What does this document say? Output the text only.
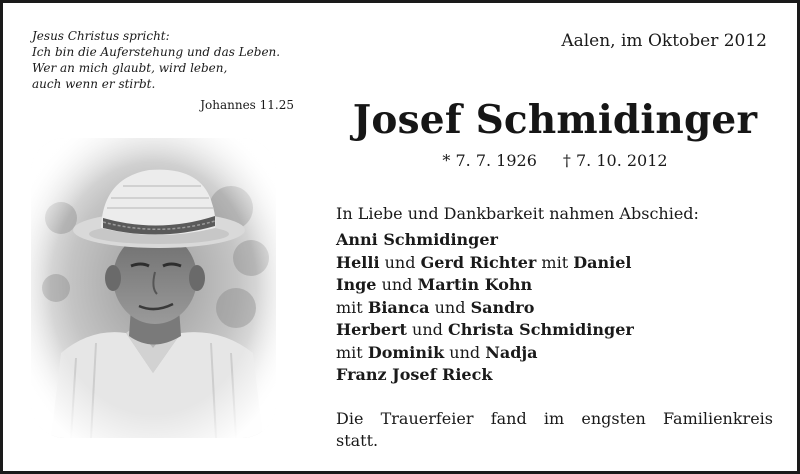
Jesus Christus spricht:
Ich bin die Auferstehung und das Leben.
Wer an mich glaubt, wird leben,
auch wenn er stirbt.
Johannes 11.25
Aalen, im Oktober 2012
Josef Schmidinger
* 7. 7. 1926 † 7. 10. 2012
In Liebe und Dankbarkeit nahmen Abschied:
Anni Schmidinger
Helli und Gerd Richter mit Daniel
Inge und Martin Kohn
mit Bianca und Sandro
Herbert und Christa Schmidinger
mit Dominik und Nadja
Franz Josef Rieck
Die Trauerfeier fand im engsten Familienkreis
statt.
